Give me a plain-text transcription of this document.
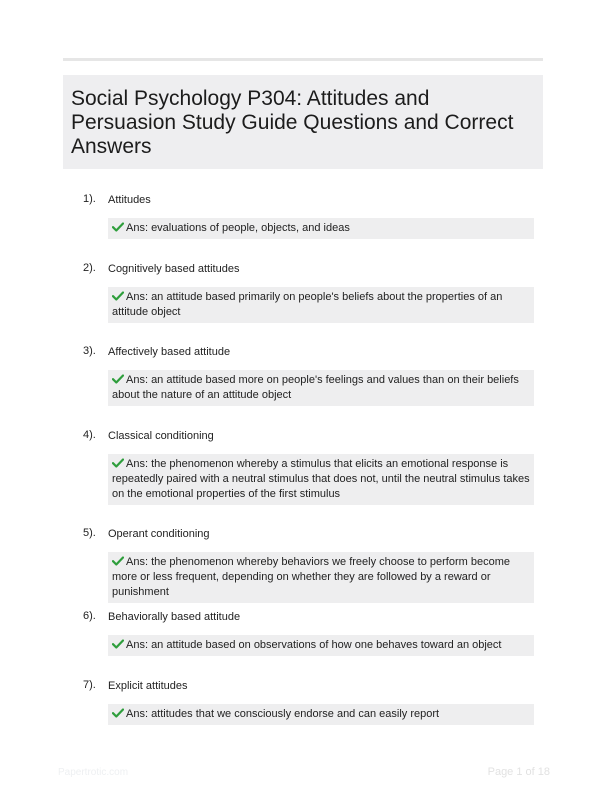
Social Psychology P304: Attitudes and Persuasion Study Guide Questions and Correct Answers
1). Attitudes
Ans: evaluations of people, objects, and ideas
2). Cognitively based attitudes
Ans: an attitude based primarily on people's beliefs about the properties of an attitude object
3). Affectively based attitude
Ans: an attitude based more on people's feelings and values than on their beliefs about the nature of an attitude object
4). Classical conditioning
Ans: the phenomenon whereby a stimulus that elicits an emotional response is repeatedly paired with a neutral stimulus that does not, until the neutral stimulus takes on the emotional properties of the first stimulus
5). Operant conditioning
Ans: the phenomenon whereby behaviors we freely choose to perform become more or less frequent, depending on whether they are followed by a reward or punishment
6). Behaviorally based attitude
Ans: an attitude based on observations of how one behaves toward an object
7). Explicit attitudes
Ans: attitudes that we consciously endorse and can easily report
Papertrotic.com	Page 1 of 18
